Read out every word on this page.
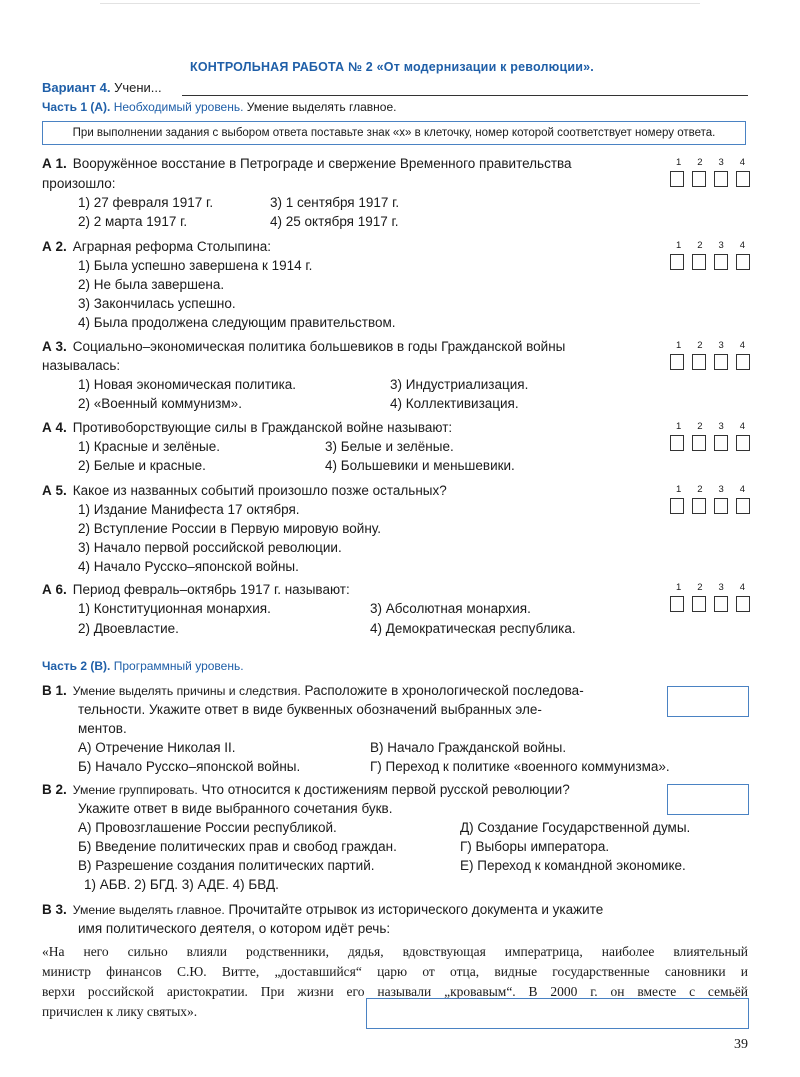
КОНТРОЛЬНАЯ РАБОТА № 2 «От модернизации к революции».
Вариант 4. Учени...
Часть 1 (А). Необходимый уровень. Умение выделять главное.
При выполнении задания с выбором ответа поставьте знак «х» в клеточку, номер которой соответствует номеру ответа.
А 1. Вооружённое восстание в Петрограде и свержение Временного правительства
произошло:
1) 27 февраля 1917 г.	3) 1 сентября 1917 г.
2) 2 марта 1917 г.	4) 25 октября 1917 г.
1 2 3 4
А 2. Аграрная реформа Столыпина:
1) Была успешно завершена к 1914 г.
2) Не была завершена.
3) Закончилась успешно.
4) Была продолжена следующим правительством.
1 2 3 4
А 3. Социально–экономическая политика большевиков в годы Гражданской войны
называлась:
1) Новая экономическая политика.	3) Индустриализация.
2) «Военный коммунизм».	4) Коллективизация.
1 2 3 4
А 4. Противоборствующие силы в Гражданской войне называют:
1) Красные и зелёные.	3) Белые и зелёные.
2) Белые и красные.	4) Большевики и меньшевики.
1 2 3 4
А 5. Какое из названных событий произошло позже остальных?
1) Издание Манифеста 17 октября.
2) Вступление России в Первую мировую войну.
3) Начало первой российской революции.
4) Начало Русско–японской войны.
1 2 3 4
А 6. Период февраль–октябрь 1917 г. называют:
1) Конституционная монархия.	3) Абсолютная монархия.
2) Двоевластие.	4) Демократическая республика.
1 2 3 4
Часть 2 (В). Программный уровень.
В 1. Умение выделять причины и следствия. Расположите в хронологической последова-
тельности. Укажите ответ в виде буквенных обозначений выбранных эле-
ментов.
А) Отречение Николая II.	В) Начало Гражданской войны.
Б) Начало Русско–японской войны.	Г) Переход к политике «военного коммунизма».
В 2. Умение группировать. Что относится к достижениям первой русской революции?
Укажите ответ в виде выбранного сочетания букв.
А) Провозглашение России республикой.	Д) Создание Государственной думы.
Б) Введение политических прав и свобод граждан.	Г) Выборы императора.
В) Разрешение создания политических партий.	Е) Переход к командной экономике.
1) АБВ. 2) БГД. 3) АДЕ. 4) БВД.
В 3. Умение выделять главное. Прочитайте отрывок из исторического документа и укажите
имя политического деятеля, о котором идёт речь:
«На него сильно влияли родственники, дядья, вдовствующая императрица, наиболее влиятельный
министр финансов С.Ю. Витте, „доставшийся“ царю от отца, видные государственные сановники и
верхи российской аристократии. При жизни его называли „кровавым“. В 2000 г. он вместе с семьёй
причислен к лику святых».
39
